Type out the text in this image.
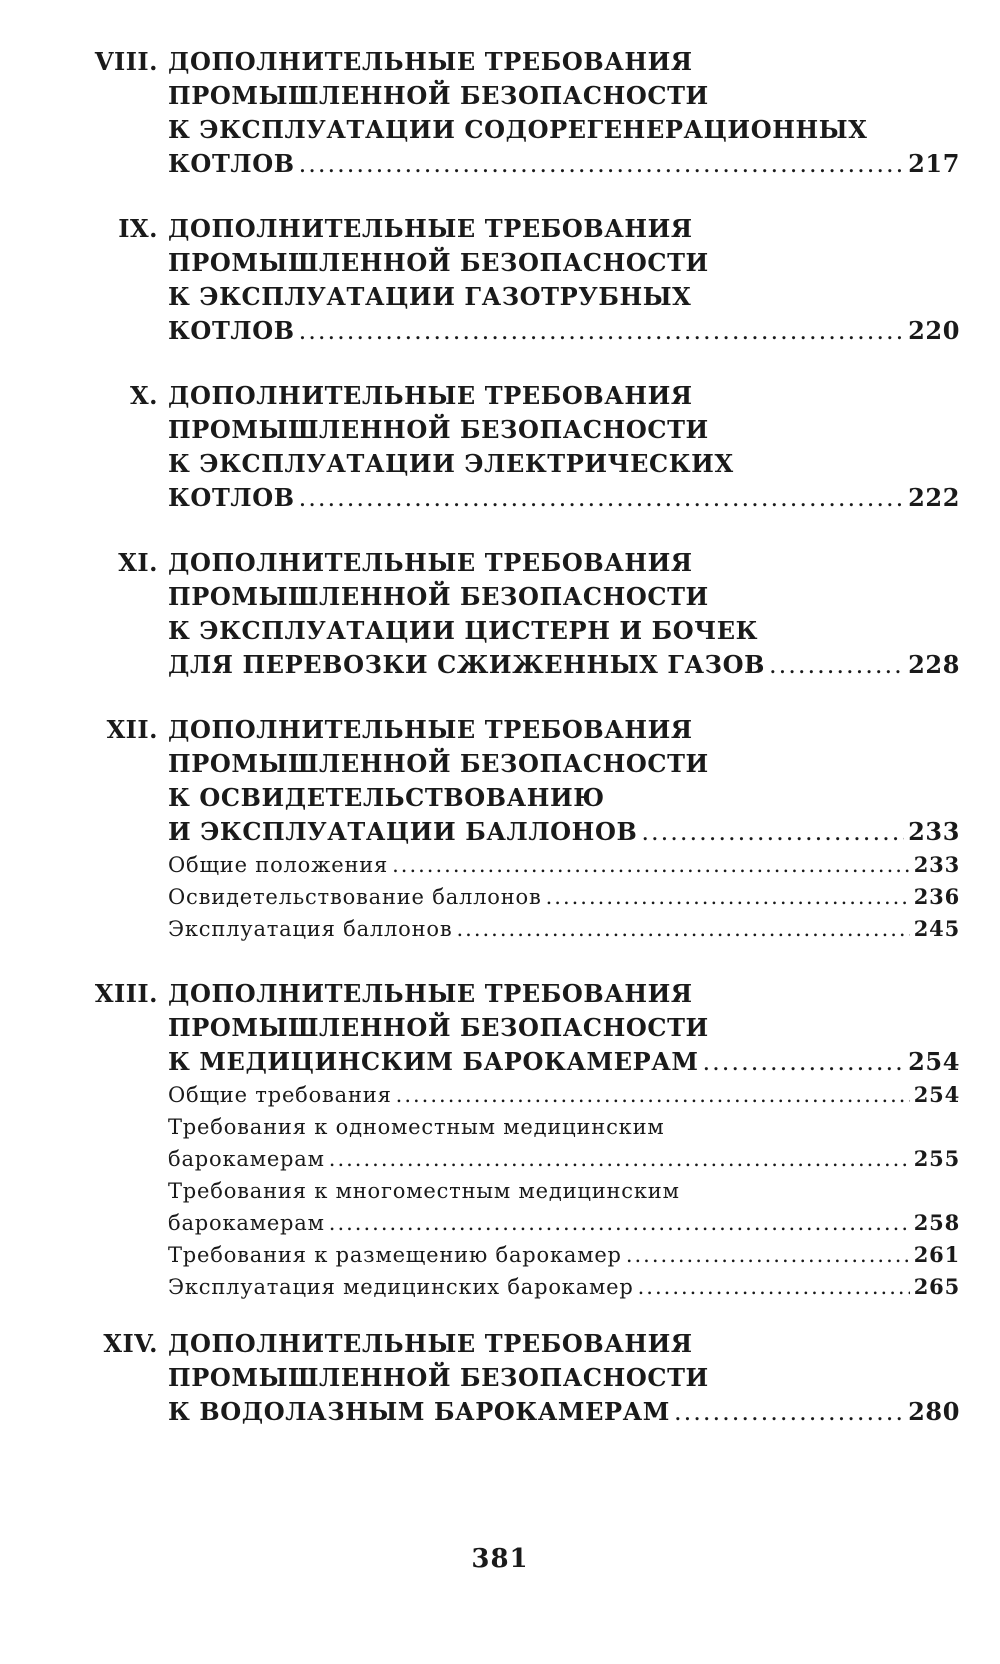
VIII. ДОПОЛНИТЕЛЬНЫЕ ТРЕБОВАНИЯ
ПРОМЫШЛЕННОЙ БЕЗОПАСНОСТИ
К ЭКСПЛУАТАЦИИ СОДОРЕГЕНЕРАЦИОННЫХ
КОТЛОВ .....	217
IX. ДОПОЛНИТЕЛЬНЫЕ ТРЕБОВАНИЯ
ПРОМЫШЛЕННОЙ БЕЗОПАСНОСТИ
К ЭКСПЛУАТАЦИИ ГАЗОТРУБНЫХ
КОТЛОВ .....	220
X. ДОПОЛНИТЕЛЬНЫЕ ТРЕБОВАНИЯ
ПРОМЫШЛЕННОЙ БЕЗОПАСНОСТИ
К ЭКСПЛУАТАЦИИ ЭЛЕКТРИЧЕСКИХ
КОТЛОВ .....	222
XI. ДОПОЛНИТЕЛЬНЫЕ ТРЕБОВАНИЯ
ПРОМЫШЛЕННОЙ БЕЗОПАСНОСТИ
К ЭКСПЛУАТАЦИИ ЦИСТЕРН И БОЧЕК
ДЛЯ ПЕРЕВОЗКИ СЖИЖЕННЫХ ГАЗОВ .....	228
XII. ДОПОЛНИТЕЛЬНЫЕ ТРЕБОВАНИЯ
ПРОМЫШЛЕННОЙ БЕЗОПАСНОСТИ
К ОСВИДЕТЕЛЬСТВОВАНИЮ
И ЭКСПЛУАТАЦИИ БАЛЛОНОВ .....	233
Общие положения .....	233
Освидетельствование баллонов .....	236
Эксплуатация баллонов .....	245
XIII. ДОПОЛНИТЕЛЬНЫЕ ТРЕБОВАНИЯ
ПРОМЫШЛЕННОЙ БЕЗОПАСНОСТИ
К МЕДИЦИНСКИМ БАРОКАМЕРАМ .....	254
Общие требования .....	254
Требования к одноместным медицинским
барокамерам .....	255
Требования к многоместным медицинским
барокамерам .....	258
Требования к размещению барокамер .....	261
Эксплуатация медицинских барокамер .....	265
XIV. ДОПОЛНИТЕЛЬНЫЕ ТРЕБОВАНИЯ
ПРОМЫШЛЕННОЙ БЕЗОПАСНОСТИ
К ВОДОЛАЗНЫМ БАРОКАМЕРАМ .....	280
381
